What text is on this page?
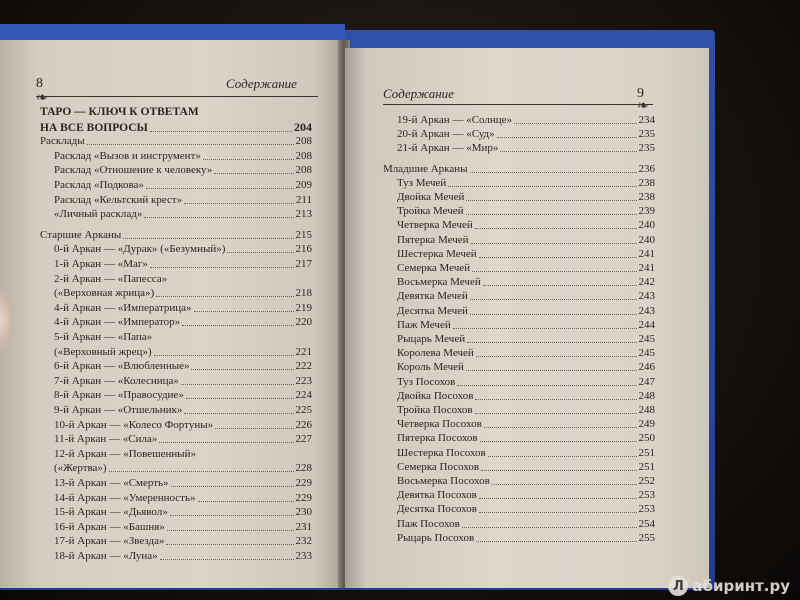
8	Содержание
❧
ТАРО — КЛЮЧ К ОТВЕТАМ
НА ВСЕ ВОПРОСЫ	204
Расклады	208
Расклад «Вызов и инструмент»	208
Расклад «Отношение к человеку»	208
Расклад «Подкова»	209
Расклад «Кельтский крест»	211
«Личный расклад»	213
Старшие Арканы	215
0-й Аркан — «Дурак» («Безумный»)	216
1-й Аркан — «Маг»	217
2-й Аркан — «Папесса»
(«Верховная жрица»)	218
4-й Аркан — «Императрица»	219
4-й Аркан — «Император»	220
5-й Аркан — «Папа»
(«Верховный жрец»)	221
6-й Аркан — «Влюбленные»	222
7-й Аркан — «Колесница»	223
8-й Аркан — «Правосудие»	224
9-й Аркан — «Отшельник»	225
10-й Аркан — «Колесо Фортуны»	226
11-й Аркан — «Сила»	227
12-й Аркан — «Повешенный»
(«Жертва»)	228
13-й Аркан — «Смерть»	229
14-й Аркан — «Умеренность»	229
15-й Аркан — «Дьявол»	230
16-й Аркан — «Башня»	231
17-й Аркан — «Звезда»	232
18-й Аркан — «Луна»	233
Содержание	9
❧
19-й Аркан — «Солнце»	234
20-й Аркан — «Суд»	235
21-й Аркан — «Мир»	235
Младшие Арканы	236
Туз Мечей	238
Двойка Мечей	238
Тройка Мечей	239
Четверка Мечей	240
Пятерка Мечей	240
Шестерка Мечей	241
Семерка Мечей	241
Восьмерка Мечей	242
Девятка Мечей	243
Десятка Мечей	243
Паж Мечей	244
Рыцарь Мечей	245
Королева Мечей	245
Король Мечей	246
Туз Посохов	247
Двойка Посохов	248
Тройка Посохов	248
Четверка Посохов	249
Пятерка Посохов	250
Шестерка Посохов	251
Семерка Посохов	251
Восьмерка Посохов	252
Девятка Посохов	253
Десятка Посохов	253
Паж Посохов	254
Рыцарь Посохов	255
Л абиринт.ру
